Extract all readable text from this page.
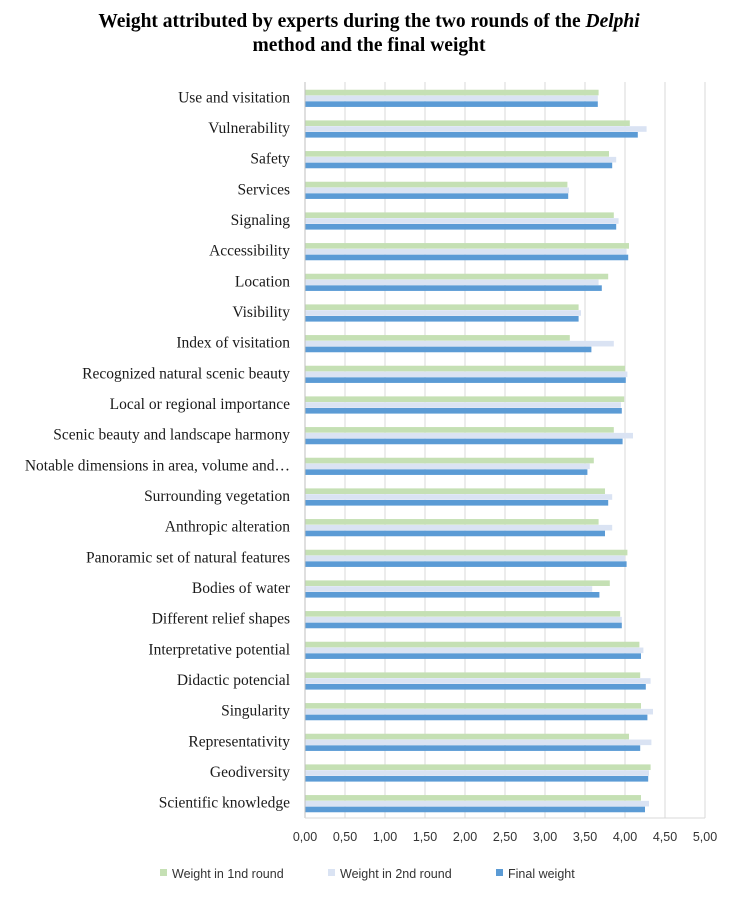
Weight attributed by experts during the two rounds of the Delphi
method and the final weight
Use and visitation
Vulnerability
Safety
Services
Signaling
Accessibility
Location
Visibility
Index of visitation
Recognized natural scenic beauty
Local or regional importance
Scenic beauty and landscape harmony
Notable dimensions in area, volume and…
Surrounding vegetation
Anthropic alteration
Panoramic set of natural features
Bodies of water
Different relief shapes
Interpretative potential
Didactic potencial
Singularity
Representativity
Geodiversity
Scientific knowledge
0,00 0,50 1,00 1,50 2,00 2,50 3,00 3,50 4,00 4,50 5,00
Weight in 1nd round	Weight in 2nd round	Final weight
